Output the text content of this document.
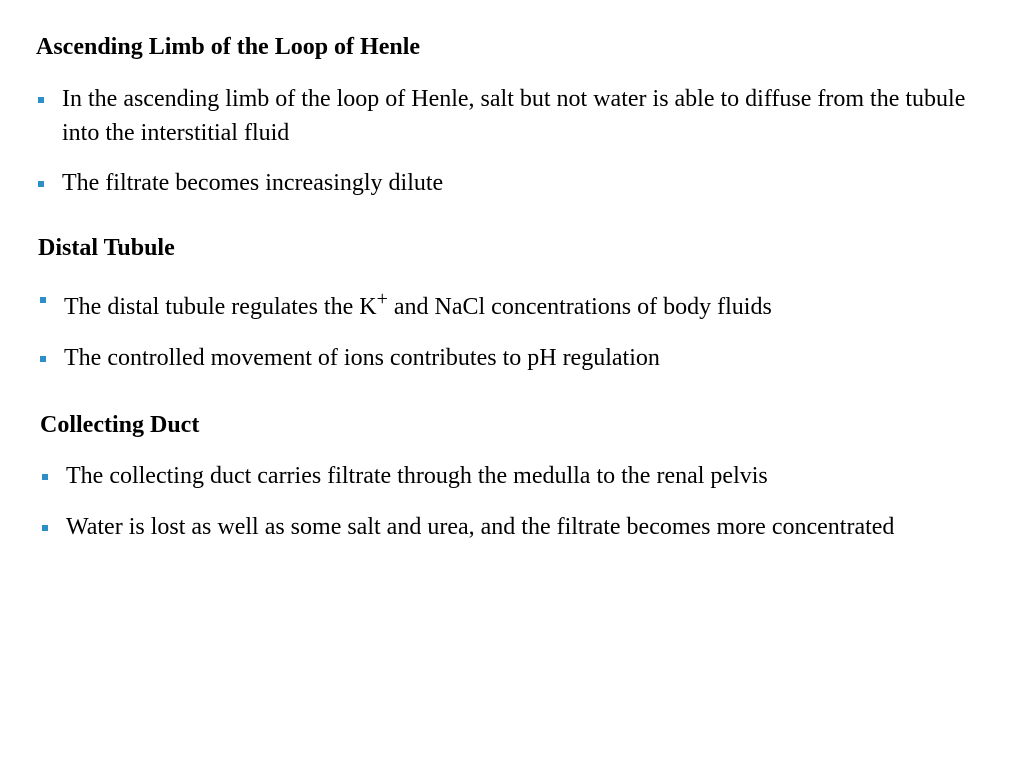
Ascending Limb of the Loop of Henle
In the ascending limb of the loop of Henle, salt but not water is able to diffuse from the tubule into the interstitial fluid
The filtrate becomes increasingly dilute
Distal Tubule
The distal tubule regulates the K+ and NaCl concentrations of body fluids
The controlled movement of ions contributes to pH regulation
Collecting Duct
The collecting duct carries filtrate through the medulla to the renal pelvis
Water is lost as well as some salt and urea, and the filtrate becomes more concentrated
